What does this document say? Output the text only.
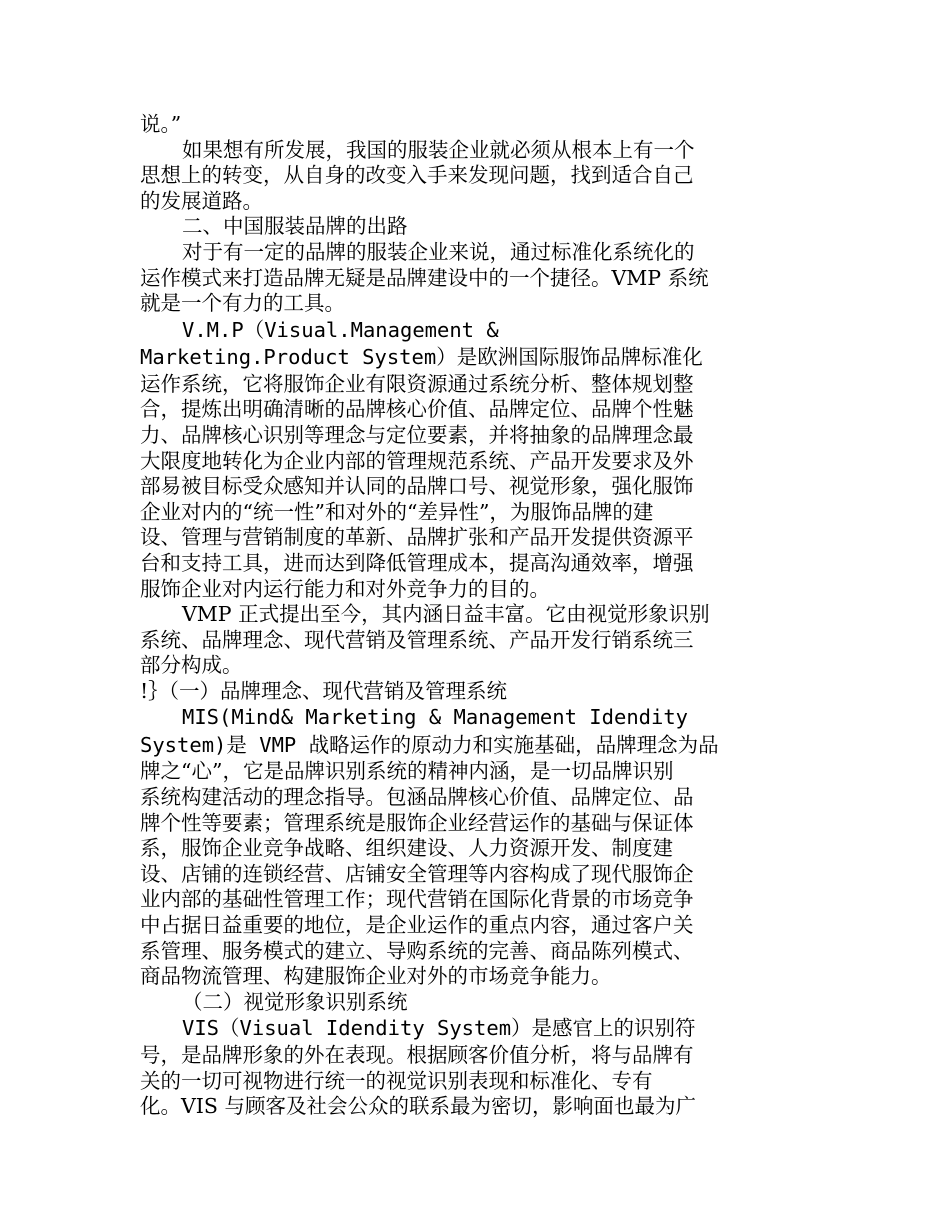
说。”
如果想有所发展，我国的服装企业就必须从根本上有一个
思想上的转变，从自身的改变入手来发现问题，找到适合自己
的发展道路。
二、中国服装品牌的出路
对于有一定的品牌的服装企业来说，通过标准化系统化的
运作模式来打造品牌无疑是品牌建设中的一个捷径。VMP 系统
就是一个有力的工具。
V.M.P（Visual.Management &
Marketing.Product System）是欧洲国际服饰品牌标准化
运作系统，它将服饰企业有限资源通过系统分析、整体规划整
合，提炼出明确清晰的品牌核心价值、品牌定位、品牌个性魅
力、品牌核心识别等理念与定位要素，并将抽象的品牌理念最
大限度地转化为企业内部的管理规范系统、产品开发要求及外
部易被目标受众感知并认同的品牌口号、视觉形象，强化服饰
企业对内的“统一性”和对外的“差异性”，为服饰品牌的建
设、管理与营销制度的革新、品牌扩张和产品开发提供资源平
台和支持工具，进而达到降低管理成本，提高沟通效率，增强
服饰企业对内运行能力和对外竞争力的目的。
VMP 正式提出至今，其内涵日益丰富。它由视觉形象识别
系统、品牌理念、现代营销及管理系统、产品开发行销系统三
部分构成。
!｝（一）品牌理念、现代营销及管理系统
MIS(Mind& Marketing & Management Idendity
System)是 VMP 战略运作的原动力和实施基础，品牌理念为品
牌之“心”，它是品牌识别系统的精神内涵，是一切品牌识别
系统构建活动的理念指导。包涵品牌核心价值、品牌定位、品
牌个性等要素；管理系统是服饰企业经营运作的基础与保证体
系，服饰企业竞争战略、组织建设、人力资源开发、制度建
设、店铺的连锁经营、店铺安全管理等内容构成了现代服饰企
业内部的基础性管理工作；现代营销在国际化背景的市场竞争
中占据日益重要的地位，是企业运作的重点内容，通过客户关
系管理、服务模式的建立、导购系统的完善、商品陈列模式、
商品物流管理、构建服饰企业对外的市场竞争能力。
（二）视觉形象识别系统
VIS（Visual Idendity System）是感官上的识别符
号，是品牌形象的外在表现。根据顾客价值分析，将与品牌有
关的一切可视物进行统一的视觉识别表现和标准化、专有
化。VIS 与顾客及社会公众的联系最为密切，影响面也最为广
